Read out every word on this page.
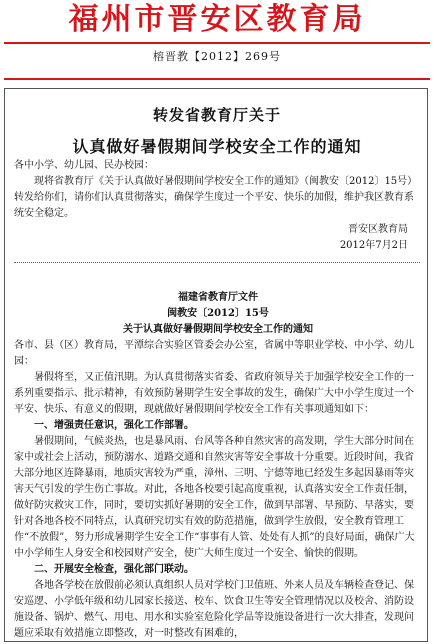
福州市晋安区教育局
榕晋教【2012】269号
转发省教育厅关于
认真做好暑假期间学校安全工作的通知

各中小学、幼儿园、民办校园：

现将省教育厅《关于认真做好暑假期间学校安全工作的通知》（闽教安〔2012〕15号）转发给你们，请你们认真贯彻落实，确保学生度过一个平安、快乐的加假，维护我区教育系统安全稳定。

晋安区教育局

2012年7月2日

福建省教育厅文件

闽教安〔2012〕15号

关于认真做好暑假期间学校安全工作的通知

各市、县（区）教育局，平潭综合实验区管委会办公室，省属中等职业学校、中小学、幼儿园：

暑假将至，又正值汛期。为认真贯彻落实省委、省政府领导关于加强学校安全工作的一系列重要指示、批示精神，有效预防暑期学生安全事故的发生，确保广大中小学生度过一个平安、快乐、有意义的假期，现就做好暑假期间学校安全工作有关事项通知如下：

一、增强责任意识，强化工作部署。

暑假期间，气候炎热，也是暴风雨、台风等各种自然灾害的高发期，学生大部分时间在家中或社会上活动，预防溺水、道路交通和自然灾害等安全事故十分重要。近段时间，我省大部分地区连降暴雨，地质灾害较为严重，漳州、三明、宁德等地已经发生多起因暴雨等灾害天气引发的学生伤亡事故。对此，各地各校要引起高度重视，认真落实安全工作责任制，做好防灾救灾工作，同时，要切实抓好暑期的安全工作，做到早部署、早预防、早落实，要针对各地各校不同特点，认真研究切实有效的防范措施，做到学生放假，安全教育管理工作“不放假”，努力形成暑期学生安全工作“事事有人管、处处有人抓”的良好局面，确保广大中小学师生人身安全和校园财产安全，使广大师生度过一个安全、愉快的假期。

二、开展安全检查，强化部门联动。

各地各学校在放假前必须认真组织人员对学校门卫值班、外来人员及车辆检查登记、保安巡逻、小学低年级和幼儿园家长接送、校车、饮食卫生等安全管理情况以及校舍、消防设施设备、锅炉、燃气、用电、用水和实验室危险化学品等设施设备进行一次大排查，发现问题应采取有效措施立即整改，对一时整改有困难的，
